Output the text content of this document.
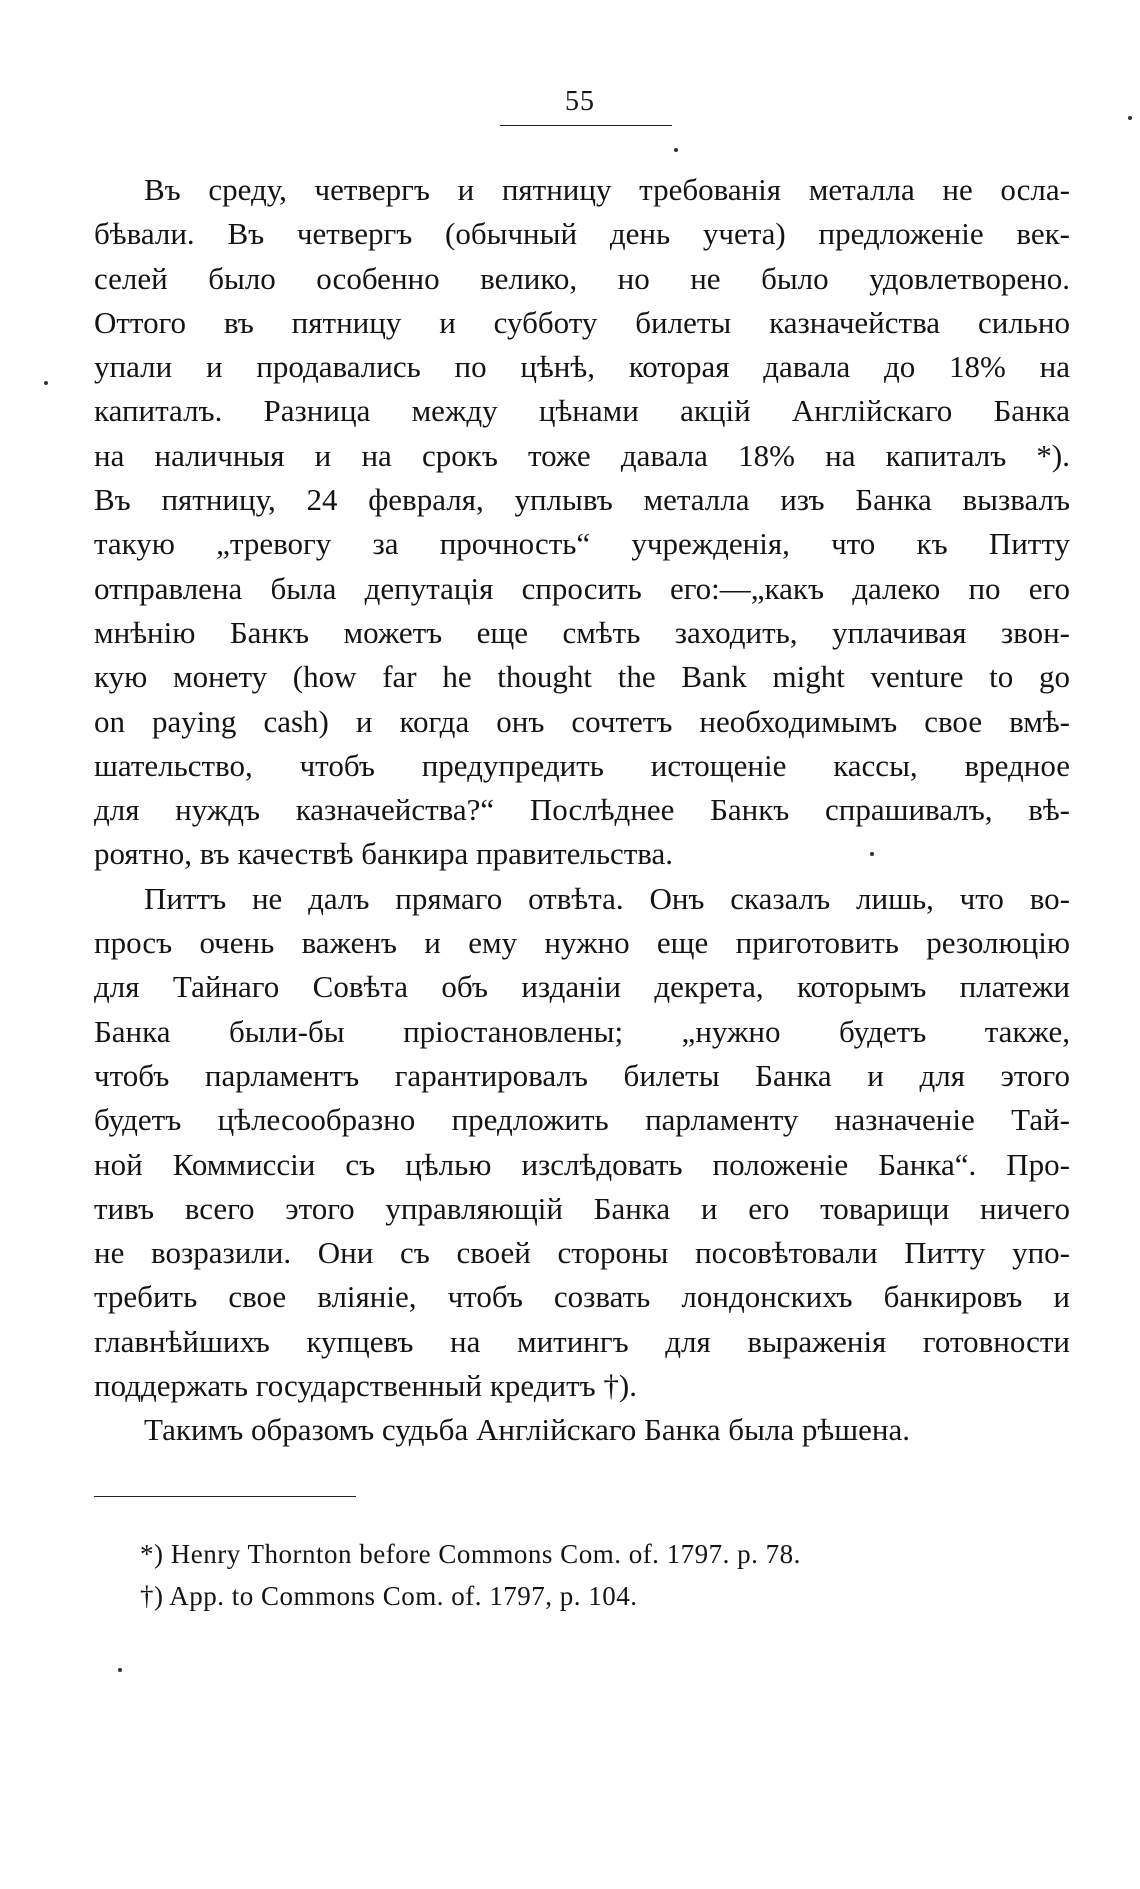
55

Въ среду, четвергъ и пятницу требованія металла не осла-
бѣвали. Въ четвергъ (обычный день учета) предложеніе век-
селей было особенно велико, но не было удовлетворено.
Оттого въ пятницу и субботу билеты казначейства сильно
упали и продавались по цѣнѣ, которая давала до 18% на
капиталъ. Разница между цѣнами акцій Англійскаго Банка
на наличныя и на срокъ тоже давала 18% на капиталъ *).
Въ пятницу, 24 февраля, уплывъ металла изъ Банка вызвалъ
такую „тревогу за прочность“ учрежденія, что къ Питту
отправлена была депутація спросить его:—„какъ далеко по его
мнѣнію Банкъ можетъ еще смѣть заходить, уплачивая звон-
кую монету (how far he thought the Bank might venture to go
on paying cash) и когда онъ сочтетъ необходимымъ свое вмѣ-
шательство, чтобъ предупредить истощеніе кассы, вредное
для нуждъ казначейства?“ Послѣднее Банкъ спрашивалъ, вѣ-
роятно, въ качествѣ банкира правительства.

Питтъ не далъ прямаго отвѣта. Онъ сказалъ лишь, что во-
просъ очень важенъ и ему нужно еще приготовить резолюцію
для Тайнаго Совѣта объ изданіи декрета, которымъ платежи
Банка были-бы пріостановлены; „нужно будетъ также,
чтобъ парламентъ гарантировалъ билеты Банка и для этого
будетъ цѣлесообразно предложить парламенту назначеніе Тай-
ной Коммиссіи съ цѣлью изслѣдовать положеніе Банка“. Про-
тивъ всего этого управляющій Банка и его товарищи ничего
не возразили. Они съ своей стороны посовѣтовали Питту упо-
требить свое вліяніе, чтобъ созвать лондонскихъ банкировъ и
главнѣйшихъ купцевъ на митингъ для выраженія готовности
поддержать государственный кредитъ †).

Такимъ образомъ судьба Англійскаго Банка была рѣшена.

*) Henry Thornton before Commons Com. of. 1797. p. 78.
†) App. to Commons Com. of. 1797, p. 104.
